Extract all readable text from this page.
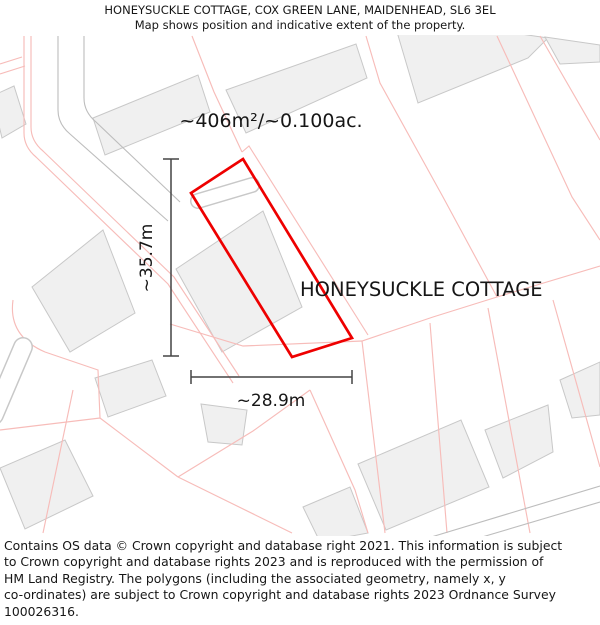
~406m²/~0.100ac.
HONEYSUCKLE COTTAGE
~35.7m
~28.9m
HONEYSUCKLE COTTAGE, COX GREEN LANE, MAIDENHEAD, SL6 3EL
Map shows position and indicative extent of the property.
Contains OS data © Crown copyright and database right 2021. This information is subject
to Crown copyright and database rights 2023 and is reproduced with the permission of
HM Land Registry. The polygons (including the associated geometry, namely x, y
co-ordinates) are subject to Crown copyright and database rights 2023 Ordnance Survey
100026316.
